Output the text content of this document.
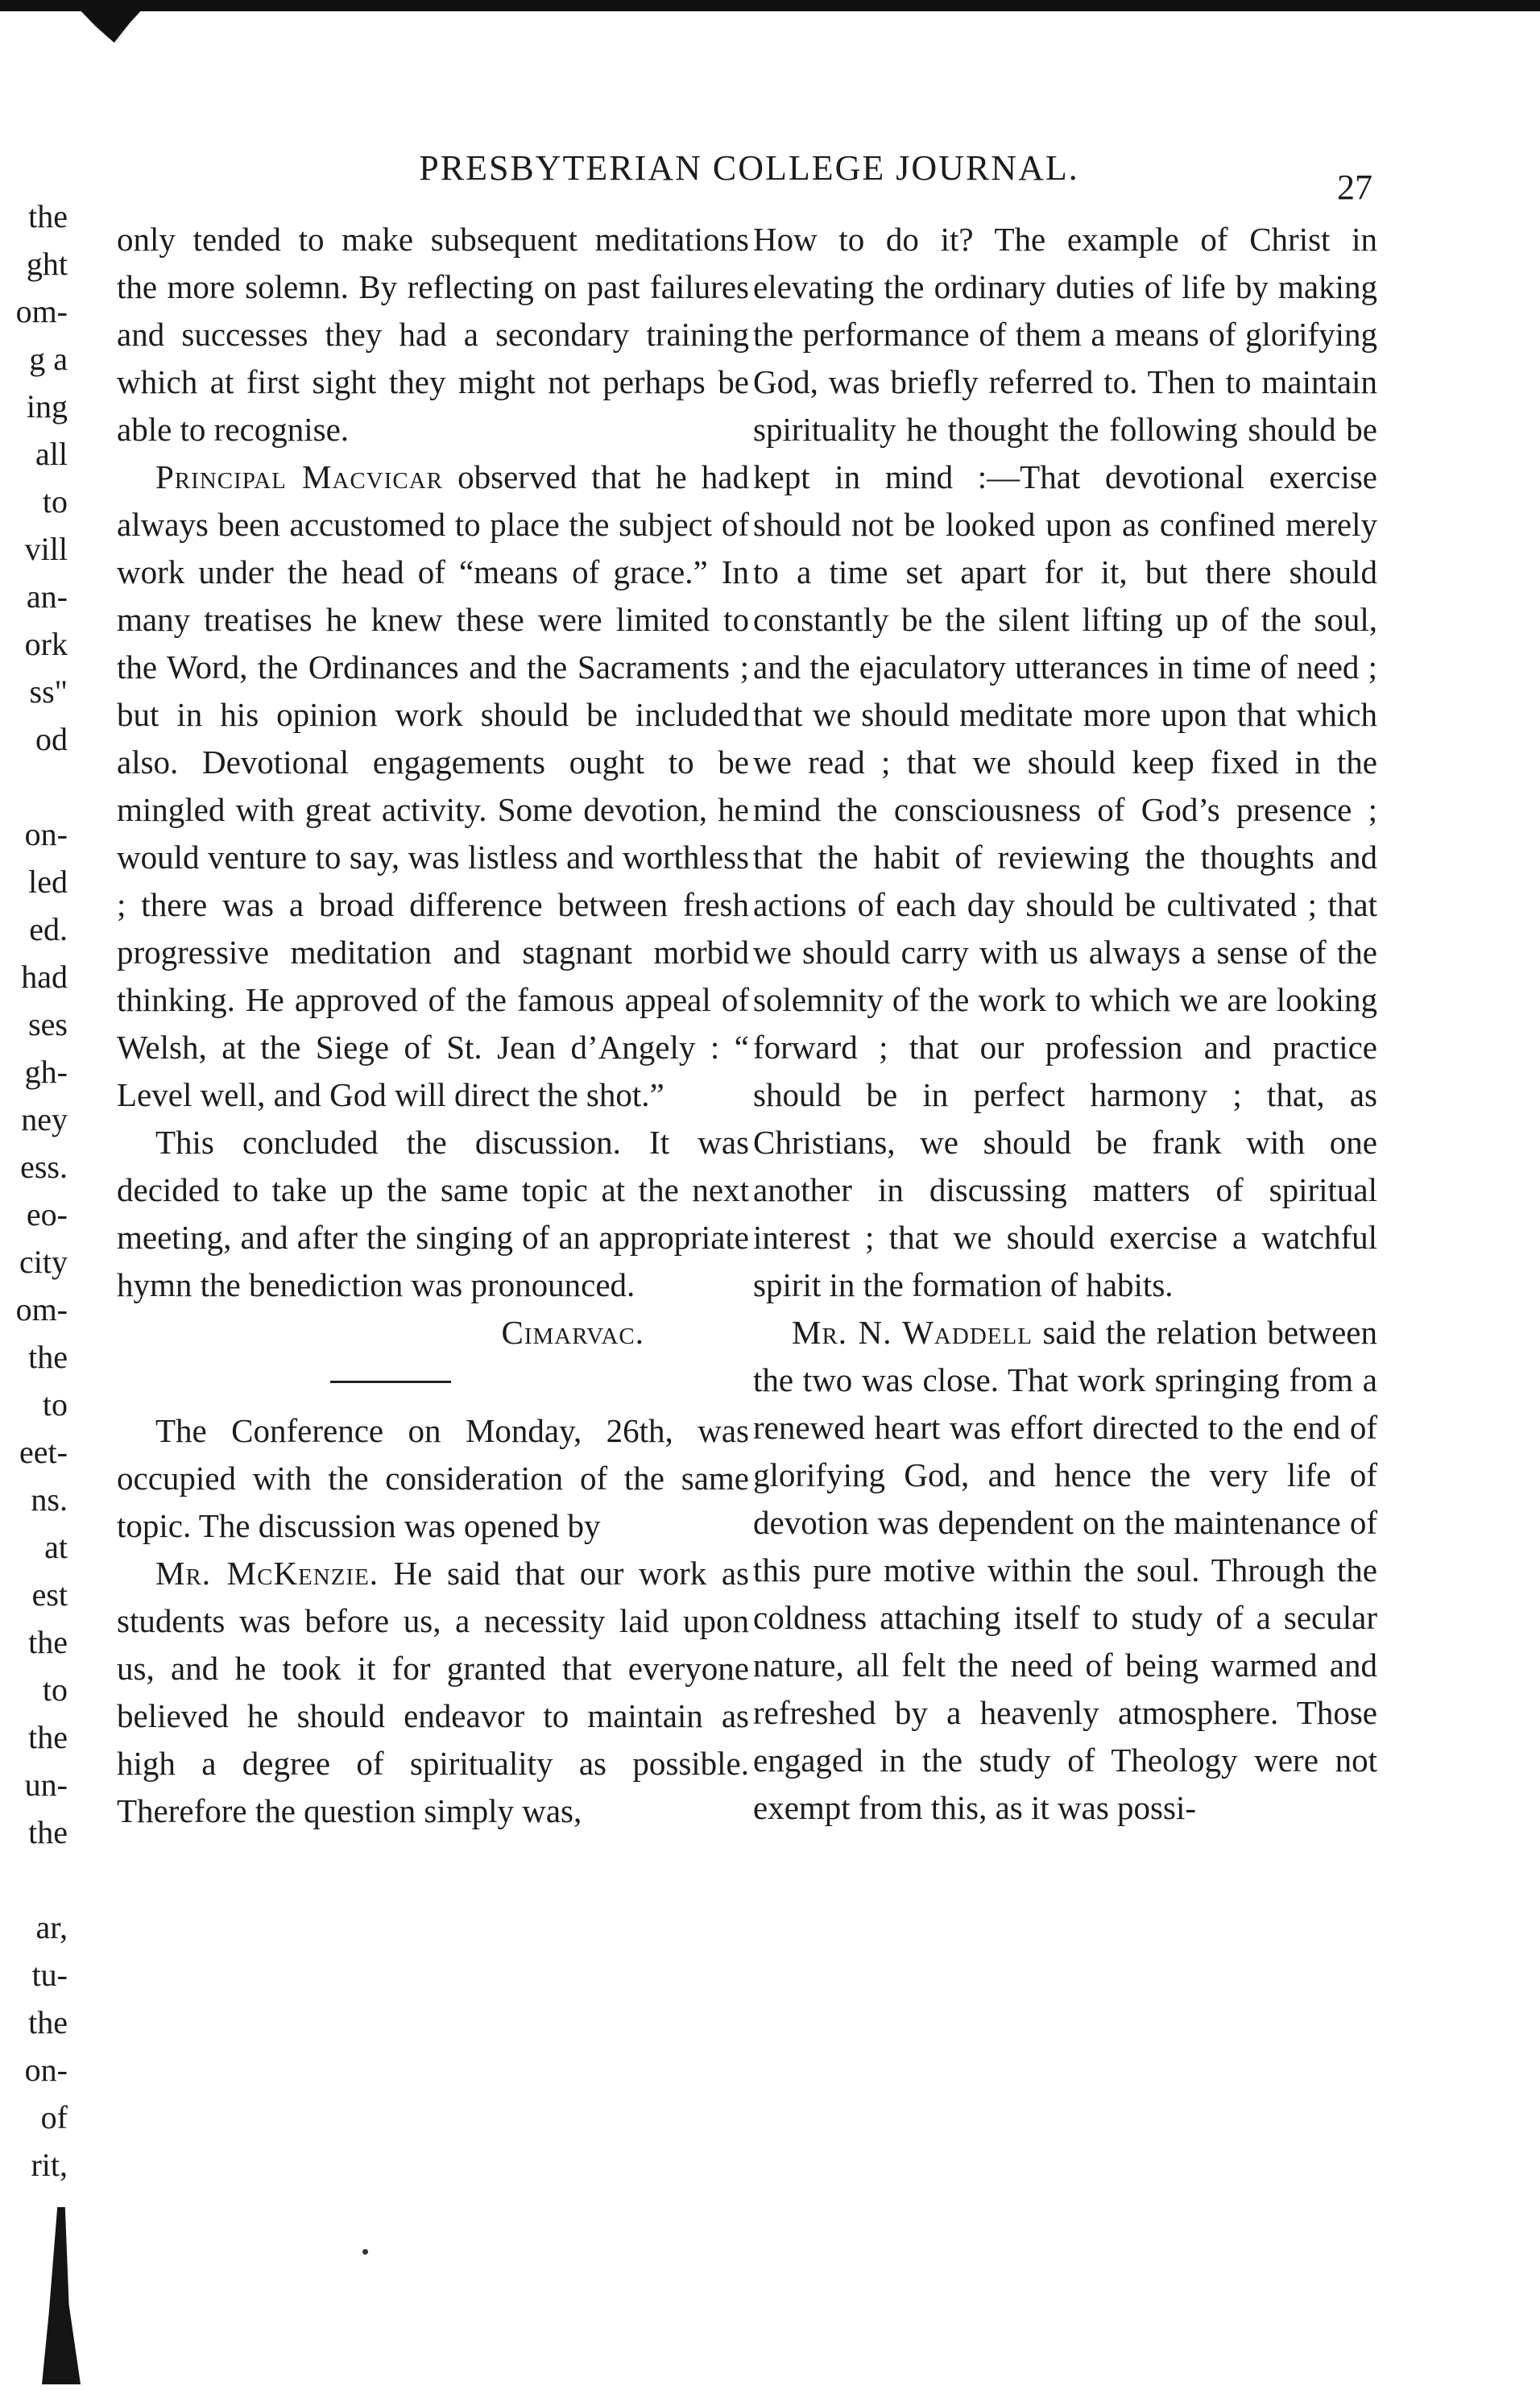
the
ght
om-
g a
ing
all
to
vill
an-
ork
ss"
od
on-
led
ed.
had
ses
gh-
ney
ess.
eo-
city
om-
the
to
eet-
ns.
at
est
the
to
the
un-
the
ar,
tu-
the
on-
of
rit,
PRESBYTERIAN COLLEGE JOURNAL.	27

only tended to make subsequent meditations the more solemn. By reflecting on past failures and successes they had a secondary training which at first sight they might not perhaps be able to recognise.

Principal Macvicar observed that he had always been accustomed to place the subject of work under the head of “means of grace.” In many treatises he knew these were limited to the Word, the Ordinances and the Sacraments ; but in his opinion work should be included also. Devotional engagements ought to be mingled with great activity. Some devotion, he would venture to say, was listless and worthless ; there was a broad difference between fresh progressive meditation and stagnant morbid thinking. He approved of the famous appeal of Welsh, at the Siege of St. Jean d’Angely : “ Level well, and God will direct the shot.”

This concluded the discussion. It was decided to take up the same topic at the next meeting, and after the singing of an appropriate hymn the benediction was pronounced.

Cimarvac.

The Conference on Monday, 26th, was occupied with the consideration of the same topic. The discussion was opened by

Mr. McKenzie. He said that our work as students was before us, a necessity laid upon us, and he took it for granted that everyone believed he should endeavor to maintain as high a degree of spirituality as possible. Therefore the question simply was,

How to do it? The example of Christ in elevating the ordinary duties of life by making the performance of them a means of glorifying God, was briefly referred to. Then to maintain spirituality he thought the following should be kept in mind :—That devotional exercise should not be looked upon as confined merely to a time set apart for it, but there should constantly be the silent lifting up of the soul, and the ejaculatory utterances in time of need ; that we should meditate more upon that which we read ; that we should keep fixed in the mind the consciousness of God’s presence ; that the habit of reviewing the thoughts and actions of each day should be cultivated ; that we should carry with us always a sense of the solemnity of the work to which we are looking forward ; that our profession and practice should be in perfect harmony ; that, as Christians, we should be frank with one another in discussing matters of spiritual interest ; that we should exercise a watchful spirit in the formation of habits.

Mr. N. Waddell said the relation between the two was close. That work springing from a renewed heart was effort directed to the end of glorifying God, and hence the very life of devotion was dependent on the maintenance of this pure motive within the soul. Through the coldness attaching itself to study of a secular nature, all felt the need of being warmed and refreshed by a heavenly atmosphere. Those engaged in the study of Theology were not exempt from this, as it was possi-
